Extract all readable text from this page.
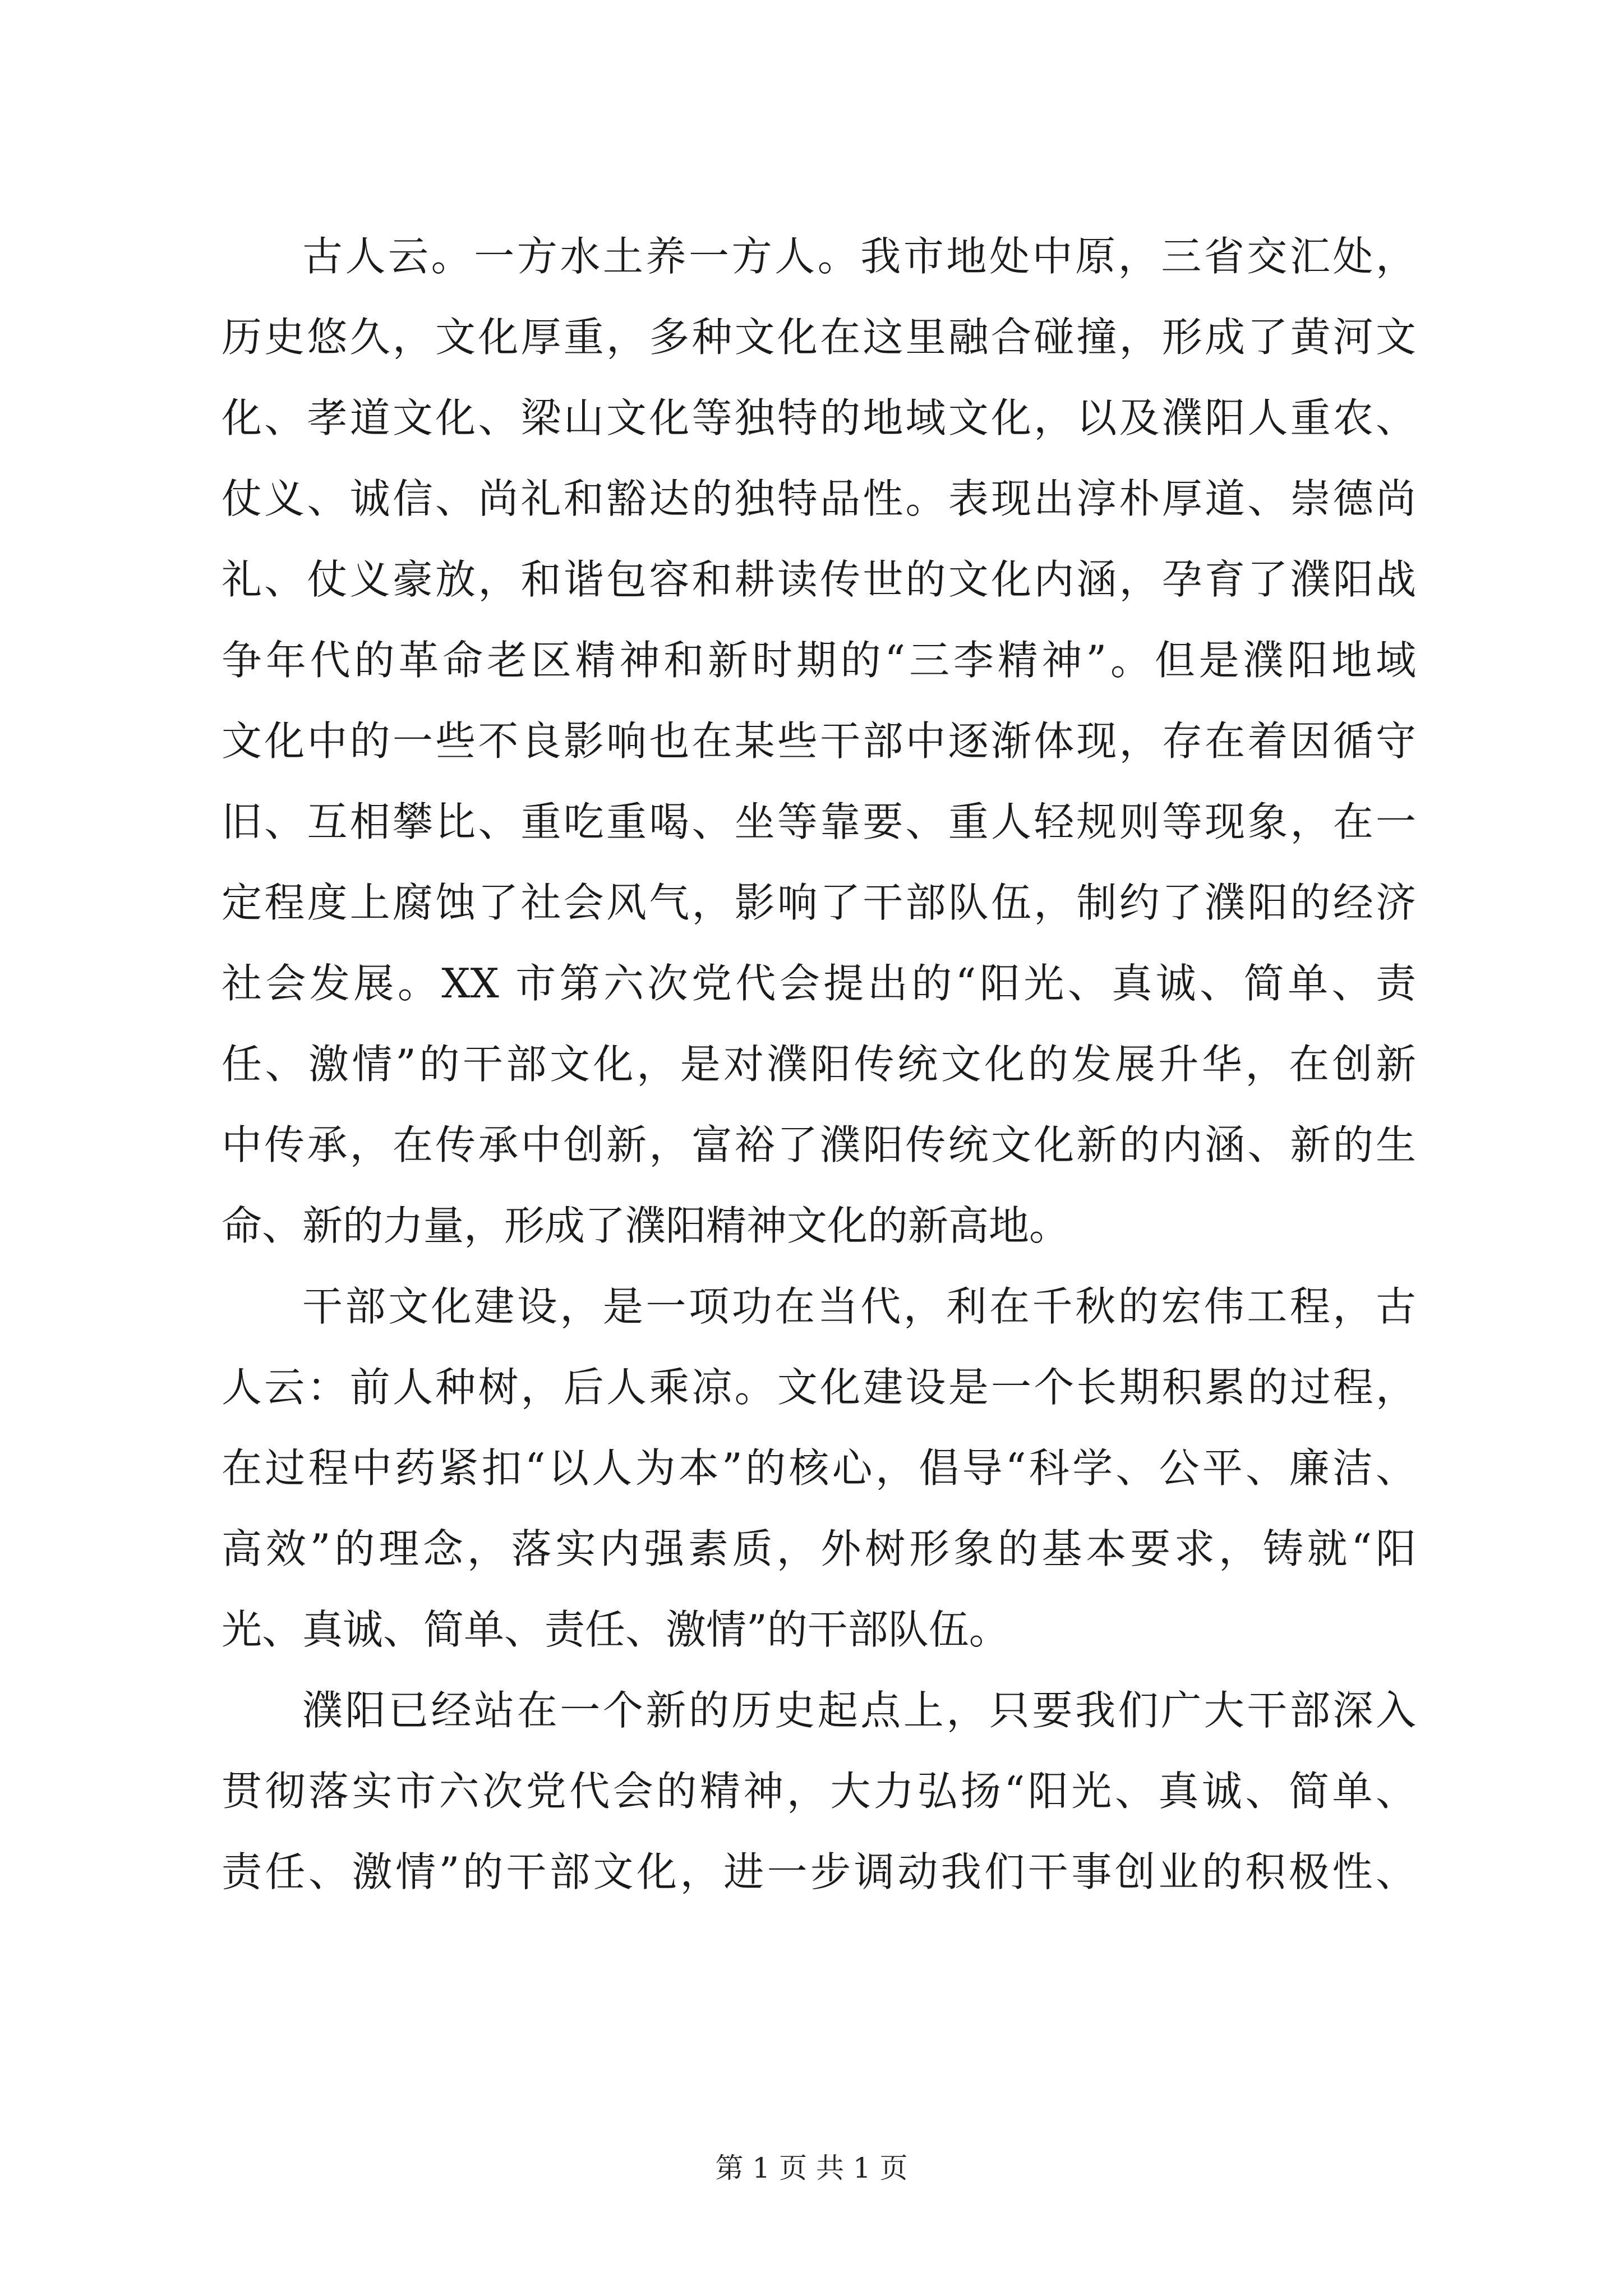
古人云。一方水土养一方人。我市地处中原，三省交汇处，
历史悠久，文化厚重，多种文化在这里融合碰撞，形成了黄河文
化、孝道文化、梁山文化等独特的地域文化，以及濮阳人重农、
仗义、诚信、尚礼和豁达的独特品性。表现出淳朴厚道、崇德尚
礼、仗义豪放，和谐包容和耕读传世的文化内涵，孕育了濮阳战
争年代的革命老区精神和新时期的“三李精神”。但是濮阳地域
文化中的一些不良影响也在某些干部中逐渐体现，存在着因循守
旧、互相攀比、重吃重喝、坐等靠要、重人轻规则等现象，在一
定程度上腐蚀了社会风气，影响了干部队伍，制约了濮阳的经济
社会发展。XX 市第六次党代会提出的“阳光、真诚、简单、责
任、激情”的干部文化，是对濮阳传统文化的发展升华，在创新
中传承，在传承中创新，富裕了濮阳传统文化新的内涵、新的生
命、新的力量，形成了濮阳精神文化的新高地。
干部文化建设，是一项功在当代，利在千秋的宏伟工程，古
人云：前人种树，后人乘凉。文化建设是一个长期积累的过程，
在过程中药紧扣“以人为本”的核心，倡导“科学、公平、廉洁、
高效”的理念，落实内强素质，外树形象的基本要求，铸就“阳
光、真诚、简单、责任、激情”的干部队伍。
濮阳已经站在一个新的历史起点上，只要我们广大干部深入
贯彻落实市六次党代会的精神，大力弘扬“阳光、真诚、简单、
责任、激情”的干部文化，进一步调动我们干事创业的积极性、
第 1 页 共 1 页
